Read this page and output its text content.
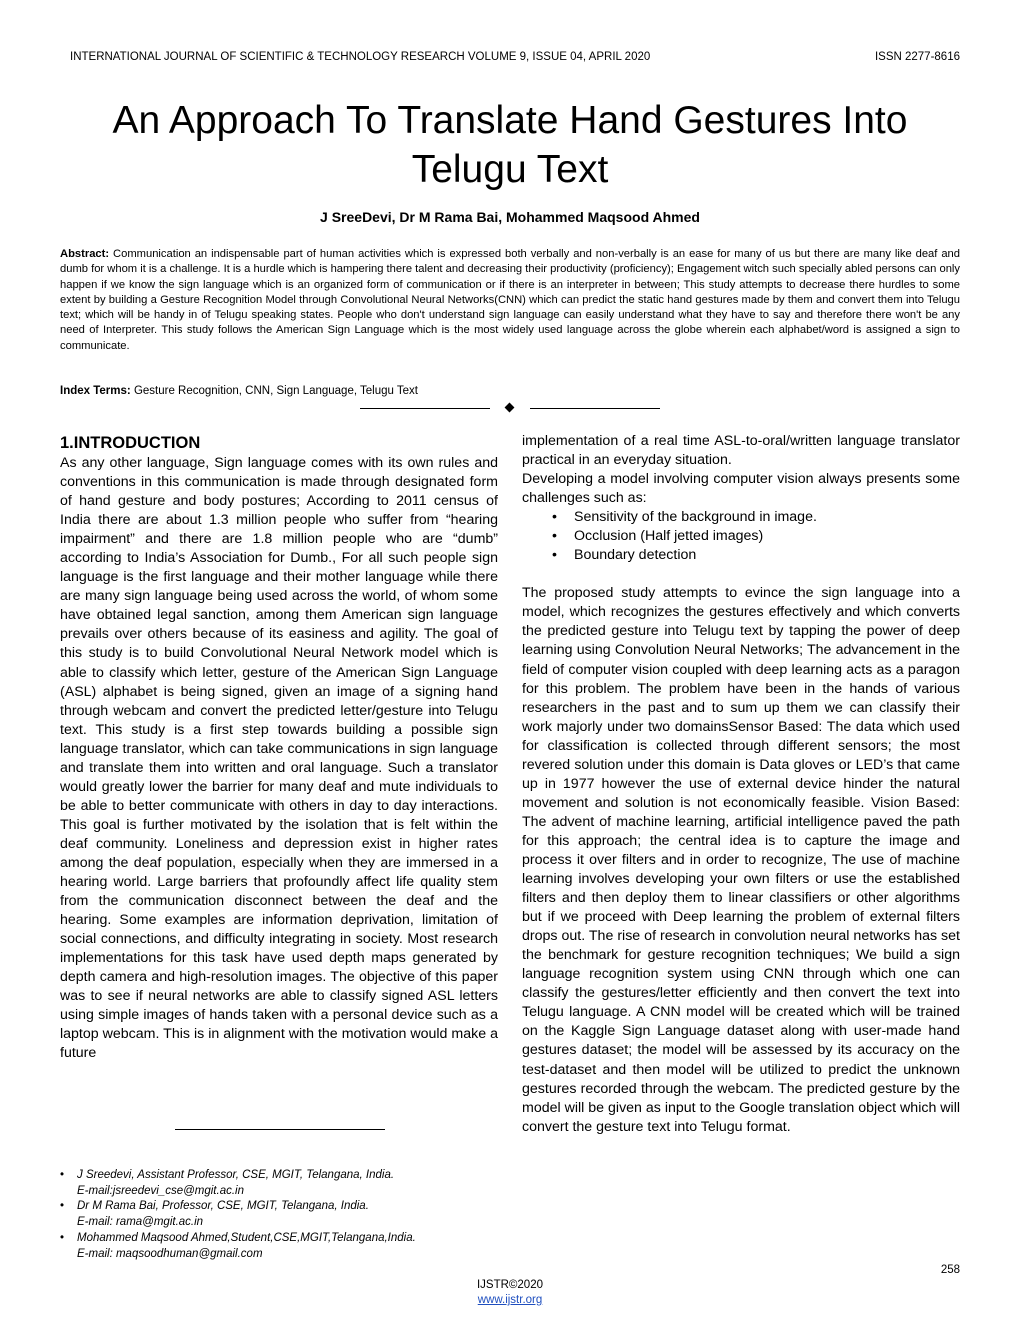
INTERNATIONAL JOURNAL OF SCIENTIFIC & TECHNOLOGY RESEARCH VOLUME 9, ISSUE 04, APRIL 2020	ISSN 2277-8616
An Approach To Translate Hand Gestures Into
Telugu Text
J SreeDevi, Dr M Rama Bai, Mohammed Maqsood Ahmed

Abstract: Communication an indispensable part of human activities which is expressed both verbally and non-verbally is an ease for many of us but there are many like deaf and dumb for whom it is a challenge. It is a hurdle which is hampering there talent and decreasing their productivity (proficiency); Engagement witch such specially abled persons can only happen if we know the sign language which is an organized form of communication or if there is an interpreter in between; This study attempts to decrease there hurdles to some extent by building a Gesture Recognition Model through Convolutional Neural Networks(CNN) which can predict the static hand gestures made by them and convert them into Telugu text; which will be handy in of Telugu speaking states. People who don't understand sign language can easily understand what they have to say and therefore there won't be any need of Interpreter. This study follows the American Sign Language which is the most widely used language across the globe wherein each alphabet/word is assigned a sign to communicate.

Index Terms: Gesture Recognition, CNN, Sign Language, Telugu Text

1.INTRODUCTION

As any other language, Sign language comes with its own rules and conventions in this communication is made through designated form of hand gesture and body postures; According to 2011 census of India there are about 1.3 million people who suffer from “hearing impairment” and there are 1.8 million people who are “dumb” according to India’s Association for Dumb., For all such people sign language is the first language and their mother language while there are many sign language being used across the world, of whom some have obtained legal sanction, among them American sign language prevails over others because of its easiness and agility. The goal of this study is to build Convolutional Neural Network model which is able to classify which letter, gesture of the American Sign Language (ASL) alphabet is being signed, given an image of a signing hand through webcam and convert the predicted letter/gesture into Telugu text. This study is a first step towards building a possible sign language translator, which can take communications in sign language and translate them into written and oral language. Such a translator would greatly lower the barrier for many deaf and mute individuals to be able to better communicate with others in day to day interactions. This goal is further motivated by the isolation that is felt within the deaf community. Loneliness and depression exist in higher rates among the deaf population, especially when they are immersed in a hearing world. Large barriers that profoundly affect life quality stem from the communication disconnect between the deaf and the hearing. Some examples are information deprivation, limitation of social connections, and difficulty integrating in society. Most research implementations for this task have used depth maps generated by depth camera and high-resolution images. The objective of this paper was to see if neural networks are able to classify signed ASL letters using simple images of hands taken with a personal device such as a laptop webcam. This is in alignment with the motivation would make a future

implementation of a real time ASL-to-oral/written language translator practical in an everyday situation.

Developing a model involving computer vision always presents some challenges such as:

• Sensitivity of the background in image.
• Occlusion (Half jetted images)
• Boundary detection

The proposed study attempts to evince the sign language into a model, which recognizes the gestures effectively and which converts the predicted gesture into Telugu text by tapping the power of deep learning using Convolution Neural Networks; The advancement in the field of computer vision coupled with deep learning acts as a paragon for this problem. The problem have been in the hands of various researchers in the past and to sum up them we can classify their work majorly under two domainsSensor Based: The data which used for classification is collected through different sensors; the most revered solution under this domain is Data gloves or LED’s that came up in 1977 however the use of external device hinder the natural movement and solution is not economically feasible. Vision Based: The advent of machine learning, artificial intelligence paved the path for this approach; the central idea is to capture the image and process it over filters and in order to recognize, The use of machine learning involves developing your own filters or use the established filters and then deploy them to linear classifiers or other algorithms but if we proceed with Deep learning the problem of external filters drops out. The rise of research in convolution neural networks has set the benchmark for gesture recognition techniques; We build a sign language recognition system using CNN through which one can classify the gestures/letter efficiently and then convert the text into Telugu language. A CNN model will be created which will be trained on the Kaggle Sign Language dataset along with user-made hand gestures dataset; the model will be assessed by its accuracy on the test-dataset and then model will be utilized to predict the unknown gestures recorded through the webcam. The predicted gesture by the model will be given as input to the Google translation object which will convert the gesture text into Telugu format.

• J Sreedevi, Assistant Professor, CSE, MGIT, Telangana, India.
E-mail:jsreedevi_cse@mgit.ac.in
• Dr M Rama Bai, Professor, CSE, MGIT, Telangana, India.
E-mail: rama@mgit.ac.in
• Mohammed Maqsood Ahmed,Student,CSE,MGIT,Telangana,India.
E-mail: maqsoodhuman@gmail.com
258
IJSTR©2020
www.ijstr.org
